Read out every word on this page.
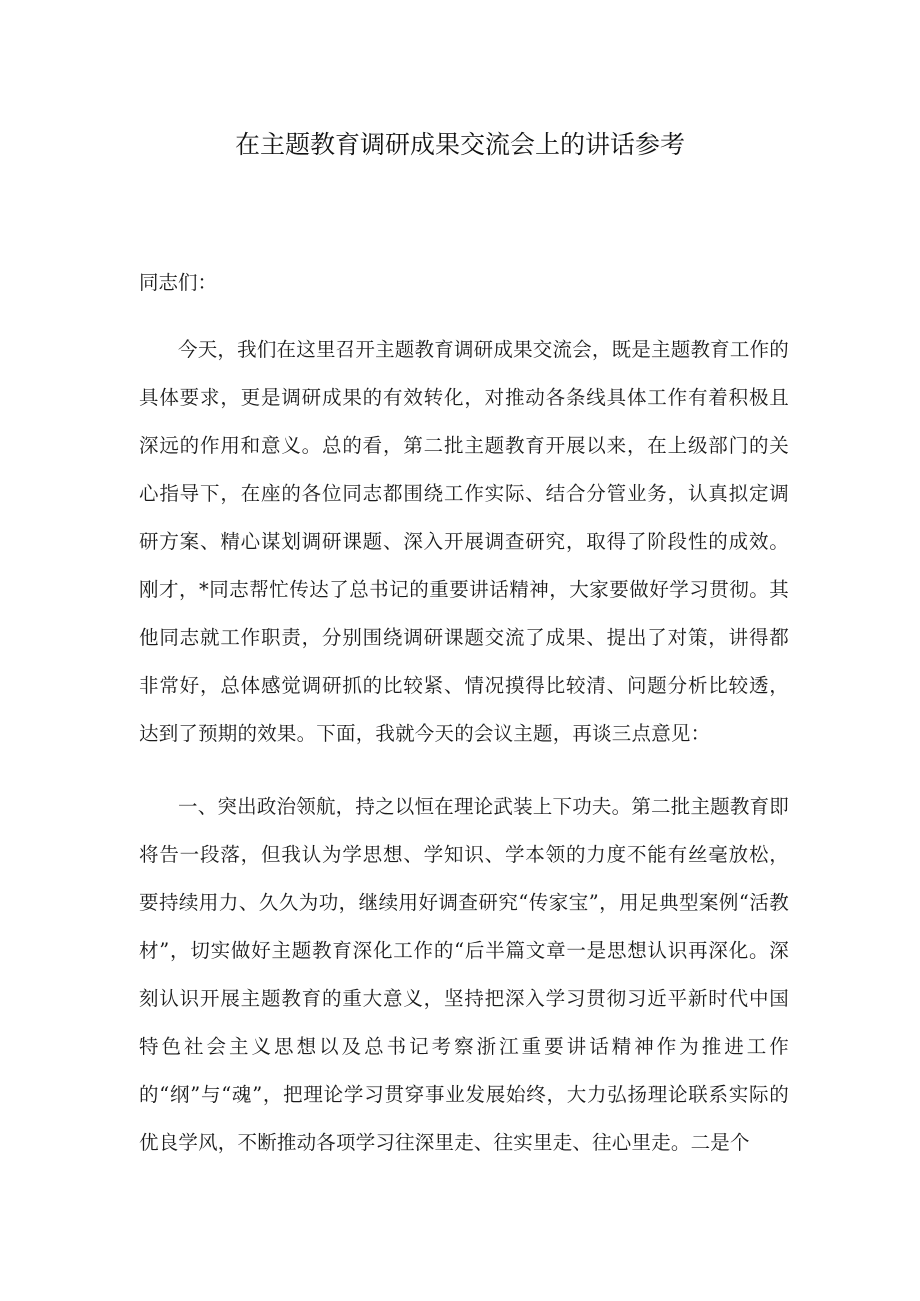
在主题教育调研成果交流会上的讲话参考

同志们：

今天，我们在这里召开主题教育调研成果交流会，既是主题教育工作的具体要求，更是调研成果的有效转化，对推动各条线具体工作有着积极且深远的作用和意义。总的看，第二批主题教育开展以来，在上级部门的关心指导下，在座的各位同志都围绕工作实际、结合分管业务，认真拟定调研方案、精心谋划调研课题、深入开展调查研究，取得了阶段性的成效。刚才，*同志帮忙传达了总书记的重要讲话精神，大家要做好学习贯彻。其他同志就工作职责，分别围绕调研课题交流了成果、提出了对策，讲得都非常好，总体感觉调研抓的比较紧、情况摸得比较清、问题分析比较透，达到了预期的效果。下面，我就今天的会议主题，再谈三点意见：

一、突出政治领航，持之以恒在理论武装上下功夫。第二批主题教育即将告一段落，但我认为学思想、学知识、学本领的力度不能有丝毫放松，要持续用力、久久为功，继续用好调查研究“传家宝”，用足典型案例“活教材”，切实做好主题教育深化工作的“后半篇文章一是思想认识再深化。深刻认识开展主题教育的重大意义，坚持把深入学习贯彻习近平新时代中国特色社会主义思想以及总书记考察浙江重要讲话精神作为推进工作的“纲”与“魂”，把理论学习贯穿事业发展始终，大力弘扬理论联系实际的优良学风，不断推动各项学习往深里走、往实里走、往心里走。二是个
